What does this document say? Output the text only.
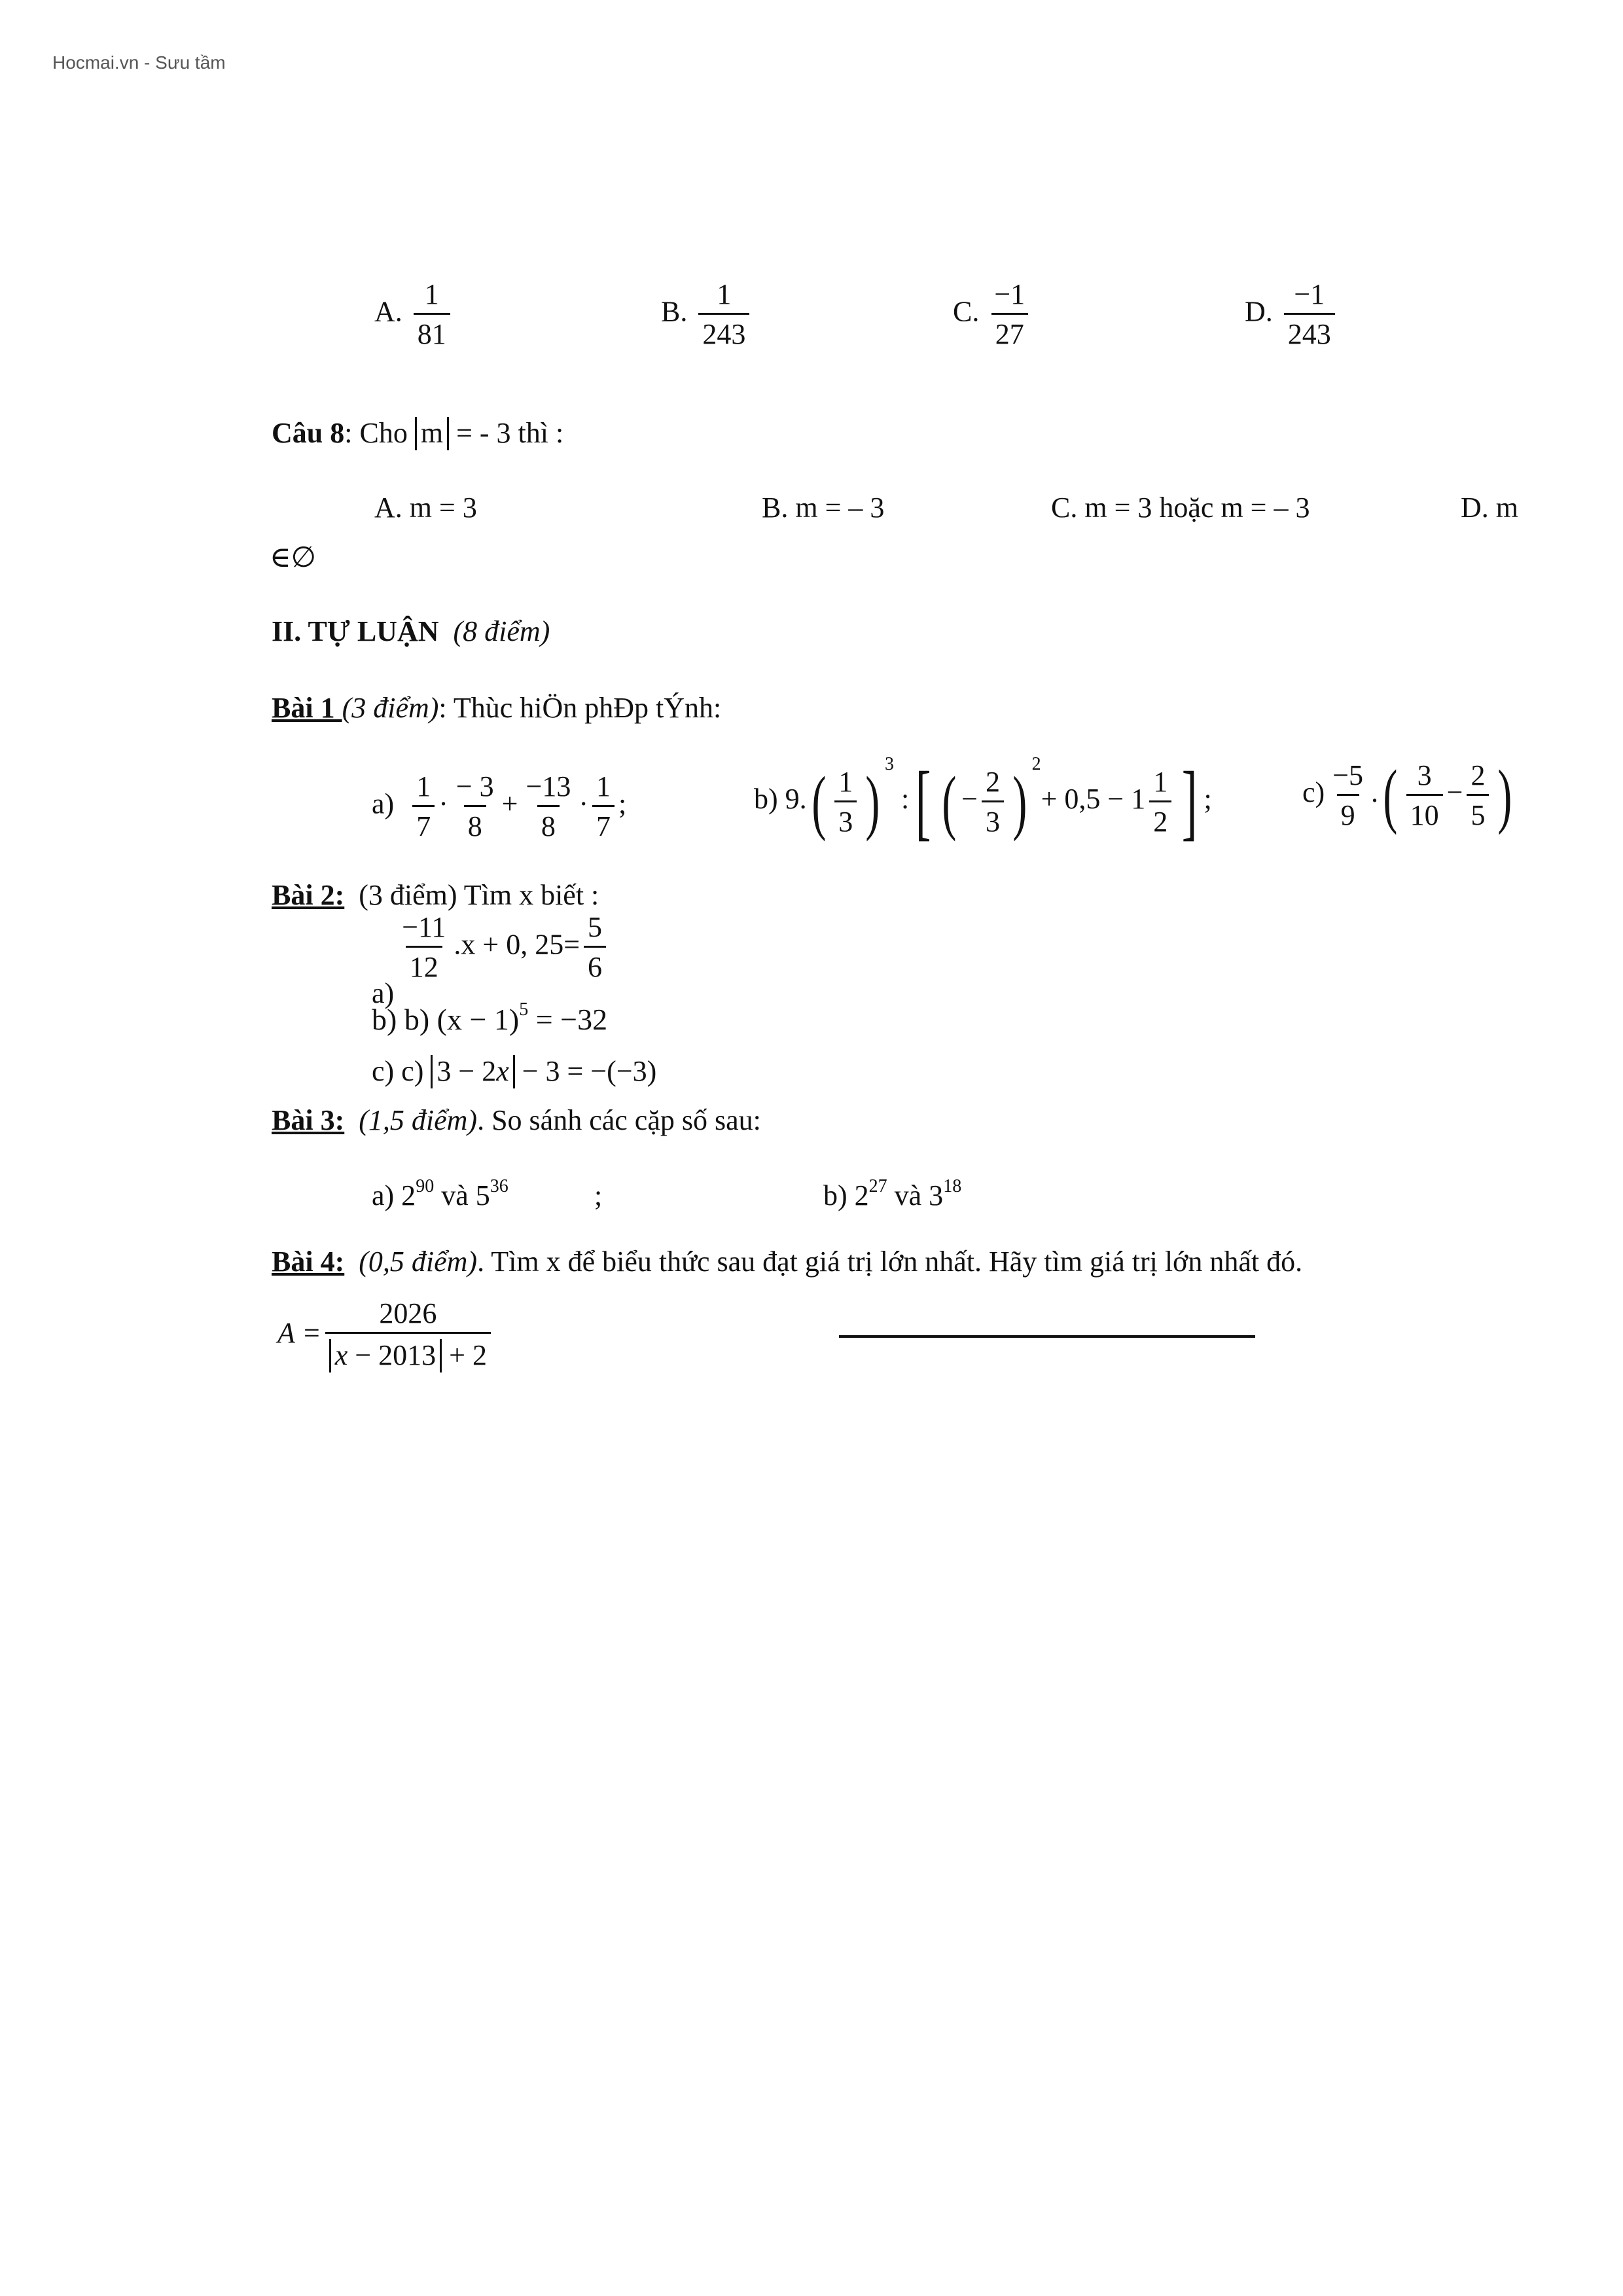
Hocmai.vn - Sưu tầm
A. $\frac{1}{81}$	B. $\frac{1}{243}$	C. $\frac{-1}{27}$	D. $\frac{-1}{243}$
Câu 8: Cho m = - 3 thì :
A. m = 3	B. m = – 3	C. m = 3 hoặc m = – 3	D. m
∈∅
II. TỰ LUẬN (8 điểm)
Bài 1 (3 điểm): Thùc hiÖn phÐp tÝnh:
$a) \frac{1}{7} \cdot \frac{- 3}{8} + \frac{-13}{8} \cdot \frac{1}{7}$ ;	b) $9.( \frac{1}{3}$ ) $^3$ :[ ( − $\frac{2}{3}$ ) $^2+ 0,5 - 1 \frac{1}{2}$ ] ;	$c) \frac{-5}{9}$ .( $\frac{3}{10} - \frac{2}{5}$ )
Bài 2: (3 điểm) Tìm x biết :
a)
$\frac{-11}{12} .x + 0$, $25= \frac{5}{6}$
b) b) $(x - 1)^5 = -32$
c) c) 3 − 2x − 3 = −(−3)
Bài 3: (1,5 điểm). So sánh các cặp số sau:
a) $2^{90}$ và $5^{36}$	;	b) $2^{27}$ và $3^{18}$
Bài 4: (0,5 điểm). Tìm x để biểu thức sau đạt giá trị lớn nhất. Hãy tìm giá trị lớn nhất đó.
$A = \frac{2026}{x - 2013 + 2}$
